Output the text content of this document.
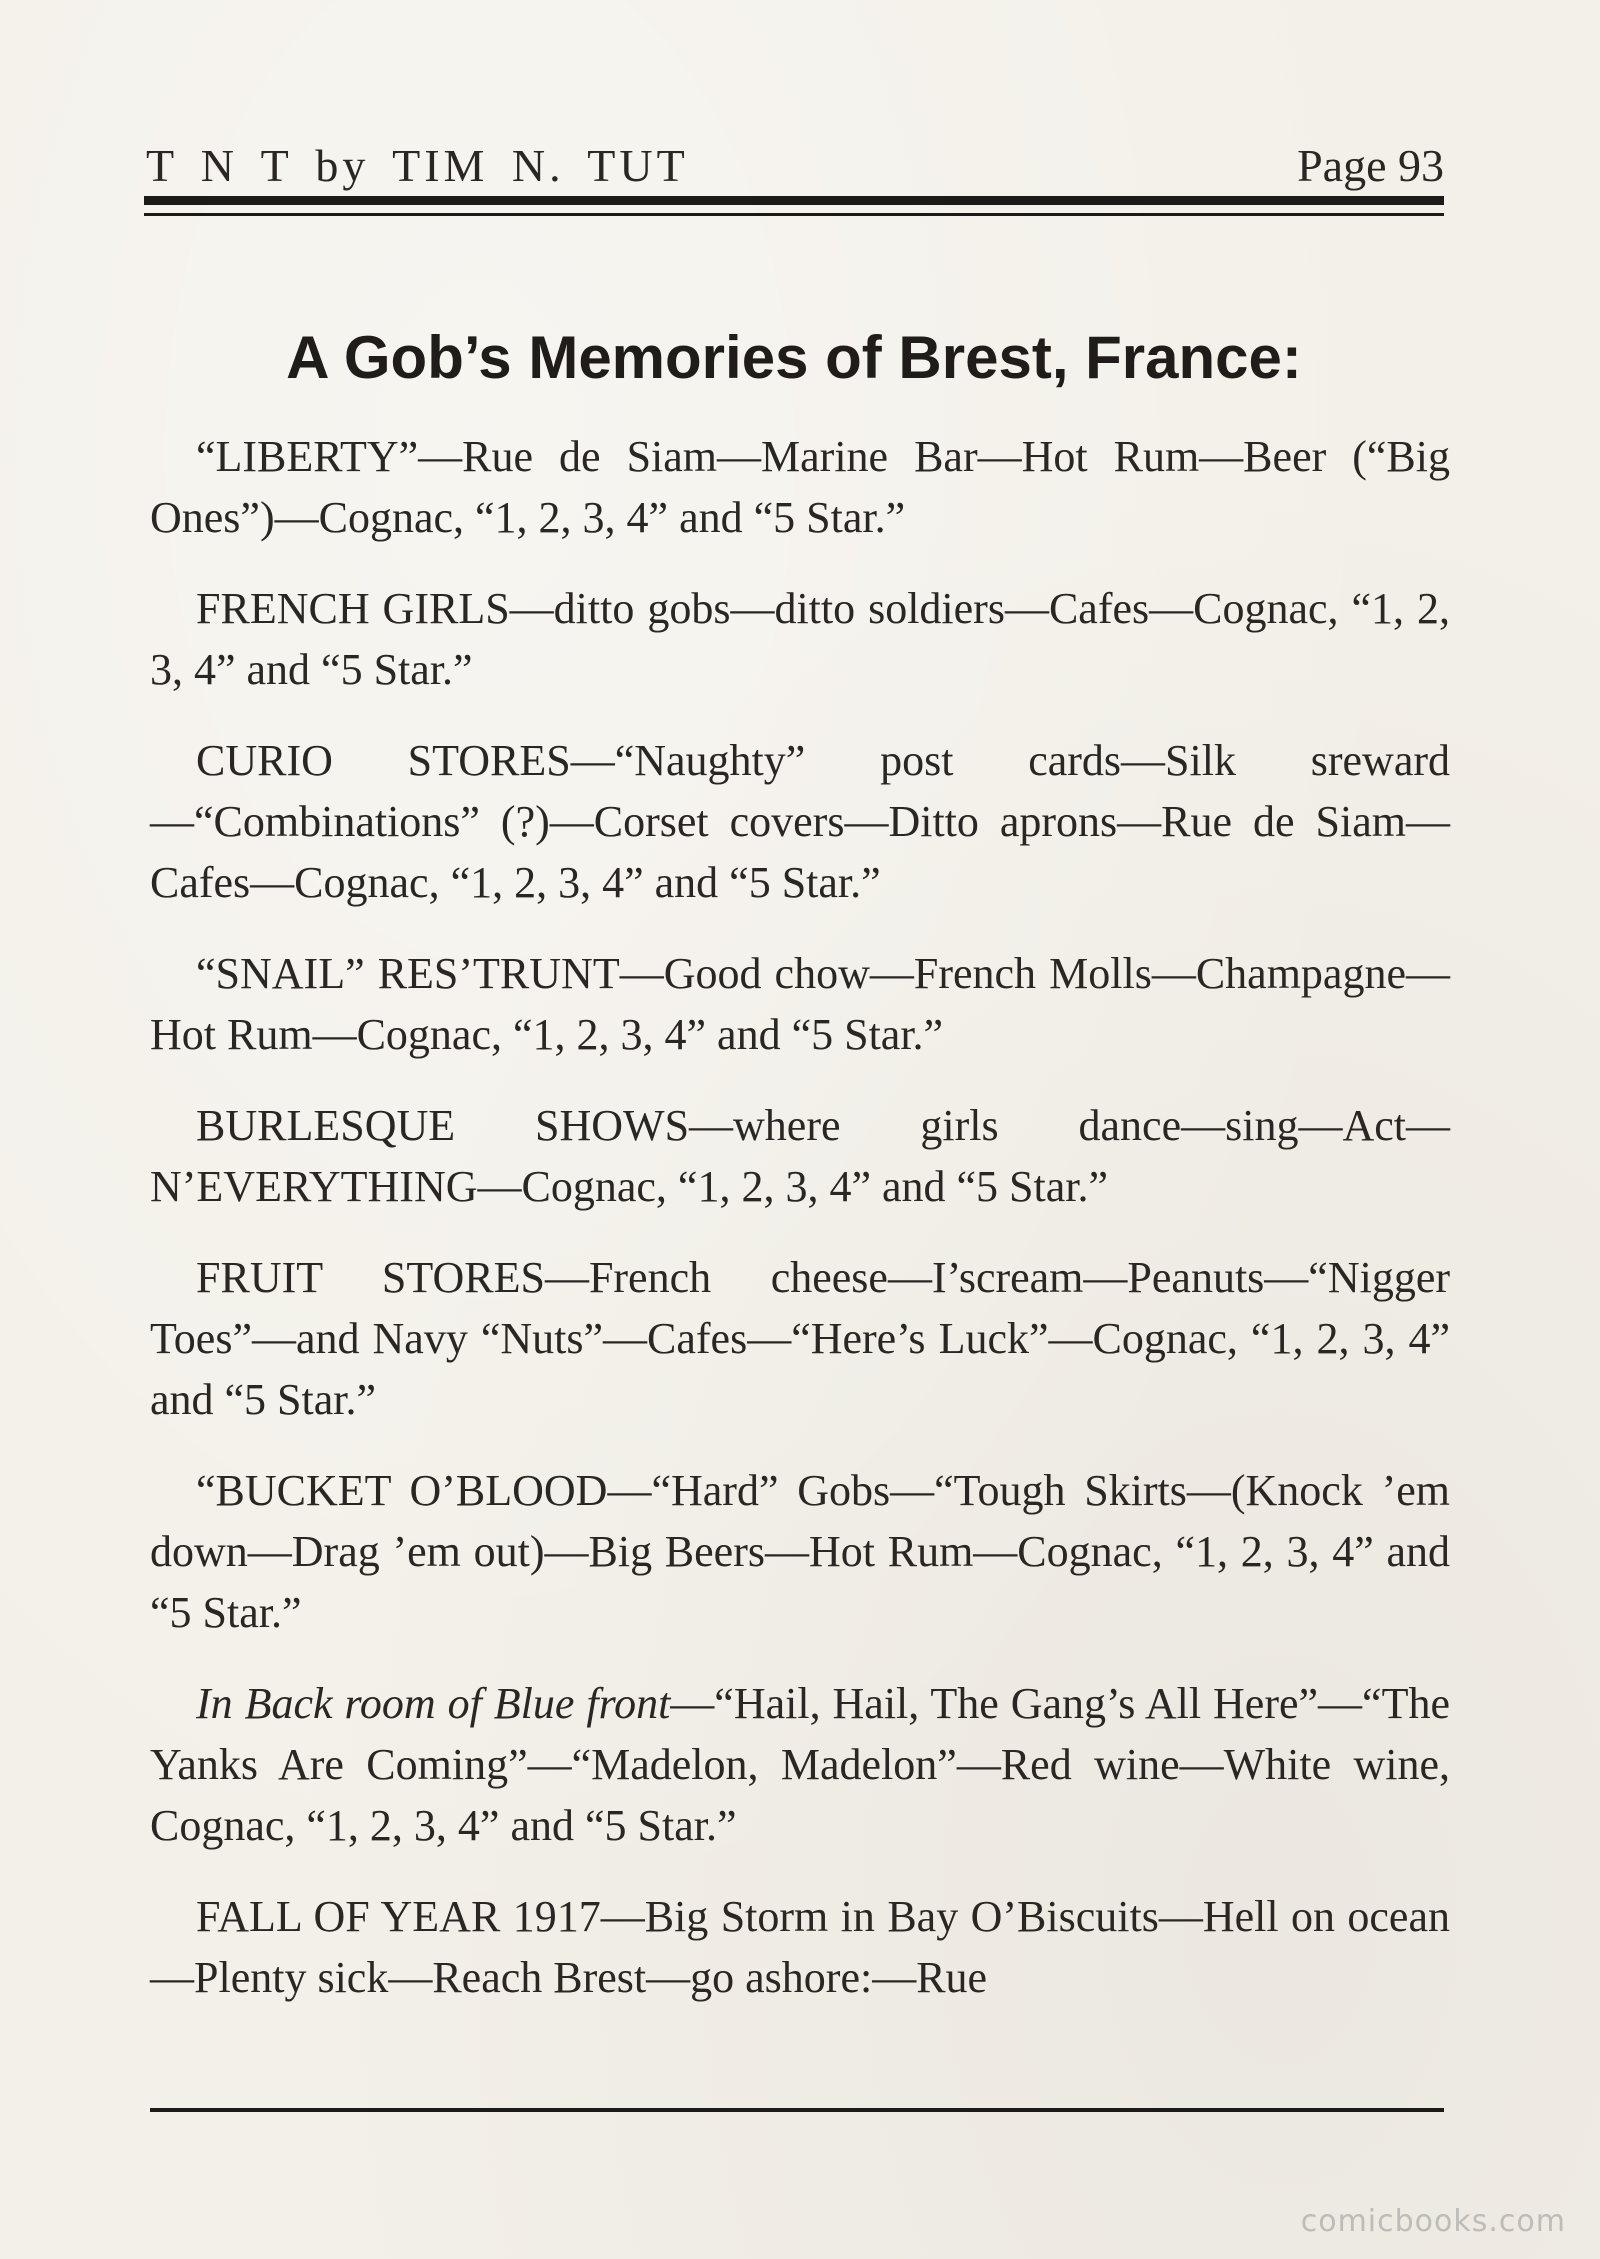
T N T by TIM N. TUT	Page 93
A Gob’s Memories of Brest, France:

“LIBERTY”—Rue de Siam—Marine Bar—Hot Rum—Beer (“Big Ones”)—Cognac, “1, 2, 3, 4” and “5 Star.”

FRENCH GIRLS—ditto gobs—ditto soldiers—Cafes—Cognac, “1, 2, 3, 4” and “5 Star.”

CURIO STORES—“Naughty” post cards—Silk sreward—“Combinations” (?)—Corset covers—Ditto aprons—Rue de Siam—Cafes—Cognac, “1, 2, 3, 4” and “5 Star.”

“SNAIL” RES’TRUNT—Good chow—French Molls—Champagne—Hot Rum—Cognac, “1, 2, 3, 4” and “5 Star.”

BURLESQUE SHOWS—where girls dance—sing—Act—N’EVERYTHING—Cognac, “1, 2, 3, 4” and “5 Star.”

FRUIT STORES—French cheese—I’scream—Peanuts—“Nigger Toes”—and Navy “Nuts”—Cafes—“Here’s Luck”—Cognac, “1, 2, 3, 4” and “5 Star.”

“BUCKET O’BLOOD—“Hard” Gobs—“Tough Skirts—(Knock ’em down—Drag ’em out)—Big Beers—Hot Rum—Cognac, “1, 2, 3, 4” and “5 Star.”

In Back room of Blue front—“Hail, Hail, The Gang’s All Here”—“The Yanks Are Coming”—“Madelon, Madelon”—Red wine—White wine, Cognac, “1, 2, 3, 4” and “5 Star.”

FALL OF YEAR 1917—Big Storm in Bay O’Biscuits—Hell on ocean—Plenty sick—Reach Brest—go ashore:—Rue

comicbooks.com
